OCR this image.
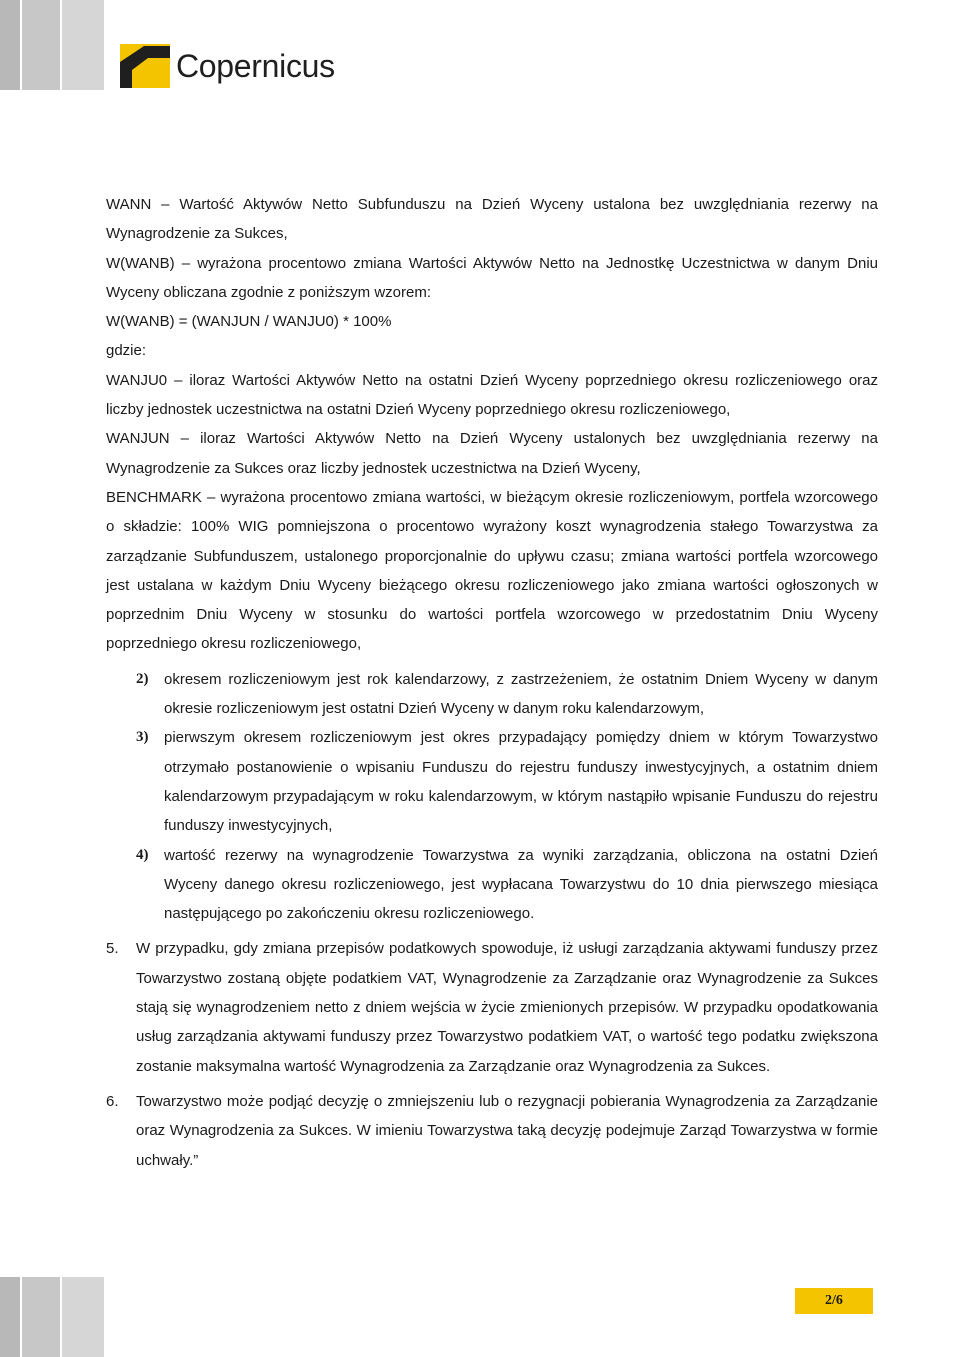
Copernicus

WANN – Wartość Aktywów Netto Subfunduszu na Dzień Wyceny ustalona bez uwzględniania rezerwy na Wynagrodzenie za Sukces,

W(WANB) – wyrażona procentowo zmiana Wartości Aktywów Netto na Jednostkę Uczestnictwa w danym Dniu Wyceny obliczana zgodnie z poniższym wzorem:

W(WANB) = (WANJUN / WANJU0) * 100%

gdzie:

WANJU0 – iloraz Wartości Aktywów Netto na ostatni Dzień Wyceny poprzedniego okresu rozliczeniowego oraz liczby jednostek uczestnictwa na ostatni Dzień Wyceny poprzedniego okresu rozliczeniowego,

WANJUN – iloraz Wartości Aktywów Netto na Dzień Wyceny ustalonych bez uwzględniania rezerwy na Wynagrodzenie za Sukces oraz liczby jednostek uczestnictwa na Dzień Wyceny,

BENCHMARK – wyrażona procentowo zmiana wartości, w bieżącym okresie rozliczeniowym, portfela wzorcowego o składzie: 100% WIG pomniejszona o procentowo wyrażony koszt wynagrodzenia stałego Towarzystwa za zarządzanie Subfunduszem, ustalonego proporcjonalnie do upływu czasu; zmiana wartości portfela wzorcowego jest ustalana w każdym Dniu Wyceny bieżącego okresu rozliczeniowego jako zmiana wartości ogłoszonych w poprzednim Dniu Wyceny w stosunku do wartości portfela wzorcowego w przedostatnim Dniu Wyceny poprzedniego okresu rozliczeniowego,

2) okresem rozliczeniowym jest rok kalendarzowy, z zastrzeżeniem, że ostatnim Dniem Wyceny w danym okresie rozliczeniowym jest ostatni Dzień Wyceny w danym roku kalendarzowym,
3) pierwszym okresem rozliczeniowym jest okres przypadający pomiędzy dniem w którym Towarzystwo otrzymało postanowienie o wpisaniu Funduszu do rejestru funduszy inwestycyjnych, a ostatnim dniem kalendarzowym przypadającym w roku kalendarzowym, w którym nastąpiło wpisanie Funduszu do rejestru funduszy inwestycyjnych,
4) wartość rezerwy na wynagrodzenie Towarzystwa za wyniki zarządzania, obliczona na ostatni Dzień Wyceny danego okresu rozliczeniowego, jest wypłacana Towarzystwu do 10 dnia pierwszego miesiąca następującego po zakończeniu okresu rozliczeniowego.
5. W przypadku, gdy zmiana przepisów podatkowych spowoduje, iż usługi zarządzania aktywami funduszy przez Towarzystwo zostaną objęte podatkiem VAT, Wynagrodzenie za Zarządzanie oraz Wynagrodzenie za Sukces stają się wynagrodzeniem netto z dniem wejścia w życie zmienionych przepisów. W przypadku opodatkowania usług zarządzania aktywami funduszy przez Towarzystwo podatkiem VAT, o wartość tego podatku zwiększona zostanie maksymalna wartość Wynagrodzenia za Zarządzanie oraz Wynagrodzenia za Sukces.
6. Towarzystwo może podjąć decyzję o zmniejszeniu lub o rezygnacji pobierania Wynagrodzenia za Zarządzanie oraz Wynagrodzenia za Sukces. W imieniu Towarzystwa taką decyzję podejmuje Zarząd Towarzystwa w formie uchwały.”
2/6
